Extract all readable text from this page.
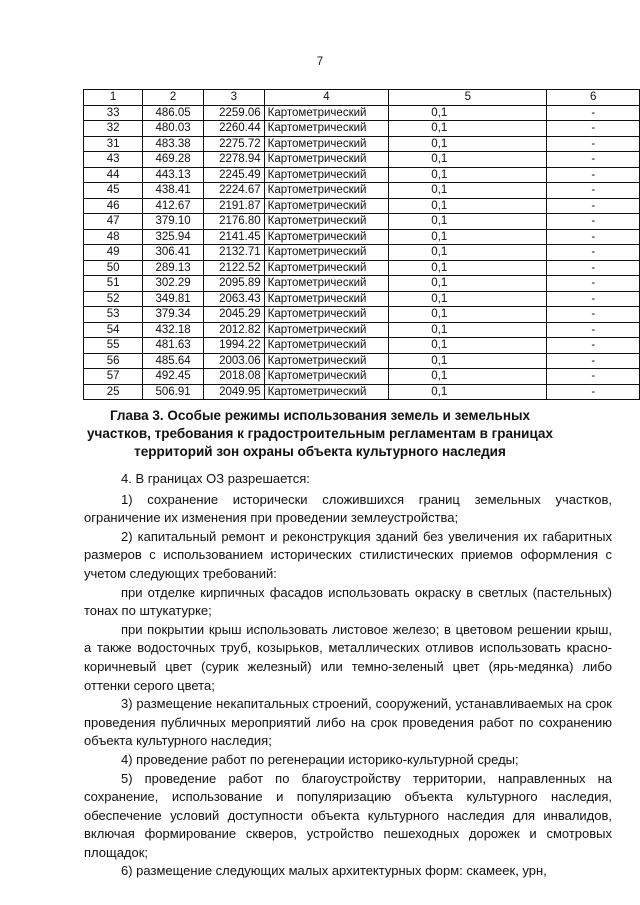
7
1	2	3	4	5	6
33	486.05	2259.06	Картометрический	0,1	-
32	480.03	2260.44	Картометрический	0,1	-
31	483.38	2275.72	Картометрический	0,1	-
43	469.28	2278.94	Картометрический	0,1	-
44	443.13	2245.49	Картометрический	0,1	-
45	438.41	2224.67	Картометрический	0,1	-
46	412.67	2191.87	Картометрический	0,1	-
47	379.10	2176.80	Картометрический	0,1	-
48	325.94	2141.45	Картометрический	0,1	-
49	306.41	2132.71	Картометрический	0,1	-
50	289.13	2122.52	Картометрический	0,1	-
51	302.29	2095.89	Картометрический	0,1	-
52	349.81	2063.43	Картометрический	0,1	-
53	379.34	2045.29	Картометрический	0,1	-
54	432.18	2012.82	Картометрический	0,1	-
55	481.63	1994.22	Картометрический	0,1	-
56	485.64	2003.06	Картометрический	0,1	-
57	492.45	2018.08	Картометрический	0,1	-
25	506.91	2049.95	Картометрический	0,1	-
Глава 3. Особые режимы использования земель и земельных участков, требования к градостроительным регламентам в границах территорий зон охраны объекта культурного наследия

4. В границах ОЗ разрешается:

1) сохранение исторически сложившихся границ земельных участков, ограничение их изменения при проведении землеустройства;

2) капитальный ремонт и реконструкция зданий без увеличения их габаритных размеров с использованием исторических стилистических приемов оформления с учетом следующих требований:

при отделке кирпичных фасадов использовать окраску в светлых (пастельных) тонах по штукатурке;

при покрытии крыш использовать листовое железо; в цветовом решении крыш, а также водосточных труб, козырьков, металлических отливов использовать красно-коричневый цвет (сурик железный) или темно-зеленый цвет (ярь-медянка) либо оттенки серого цвета;

3) размещение некапитальных строений, сооружений, устанавливаемых на срок проведения публичных мероприятий либо на срок проведения работ по сохранению объекта культурного наследия;

4) проведение работ по регенерации историко-культурной среды;

5) проведение работ по благоустройству территории, направленных на сохранение, использование и популяризацию объекта культурного наследия, обеспечение условий доступности объекта культурного наследия для инвалидов, включая формирование скверов, устройство пешеходных дорожек и смотровых площадок;

6) размещение следующих малых архитектурных форм: скамеек, урн,
